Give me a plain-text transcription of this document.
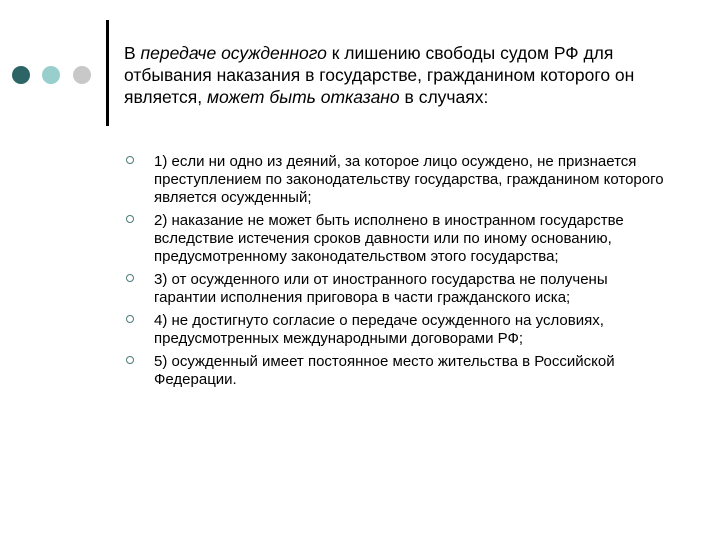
В передаче осужденного к лишению свободы судом РФ для отбывания наказания в государстве, гражданином которого он является, может быть отказано в случаях:
1) если ни одно из деяний, за которое лицо осуждено, не признается преступлением по законодательству государства, гражданином которого является осужденный;
2) наказание не может быть исполнено в иностранном государстве вследствие истечения сроков давности или по иному основанию, предусмотренному законодательством этого государства;
3) от осужденного или от иностранного государства не получены гарантии исполнения приговора в части гражданского иска;
4) не достигнуто согласие о передаче осужденного на условиях, предусмотренных международными договорами РФ;
5) осужденный имеет постоянное место жительства в Российской Федерации.
